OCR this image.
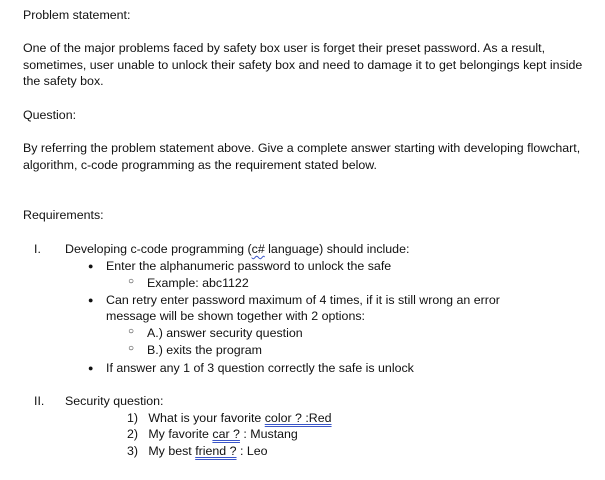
Problem statement:
One of the major problems faced by safety box user is forget their preset password. As a result, sometimes, user unable to unlock their safety box and need to damage it to get belongings kept inside the safety box.
Question:
By referring the problem statement above. Give a complete answer starting with developing flowchart, algorithm, c-code programming as the requirement stated below.
Requirements:
I. Developing c-code programming (c# language) should include:
● Enter the alphanumeric password to unlock the safe
○ Example: abc1122
● Can retry enter password maximum of 4 times, if it is still wrong an error
message will be shown together with 2 options:
○ A.) answer security question
○ B.) exits the program
● If answer any 1 of 3 question correctly the safe is unlock
II. Security question:
1) What is your favorite color ? :Red
2) My favorite car ? : Mustang
3) My best friend ? : Leo
